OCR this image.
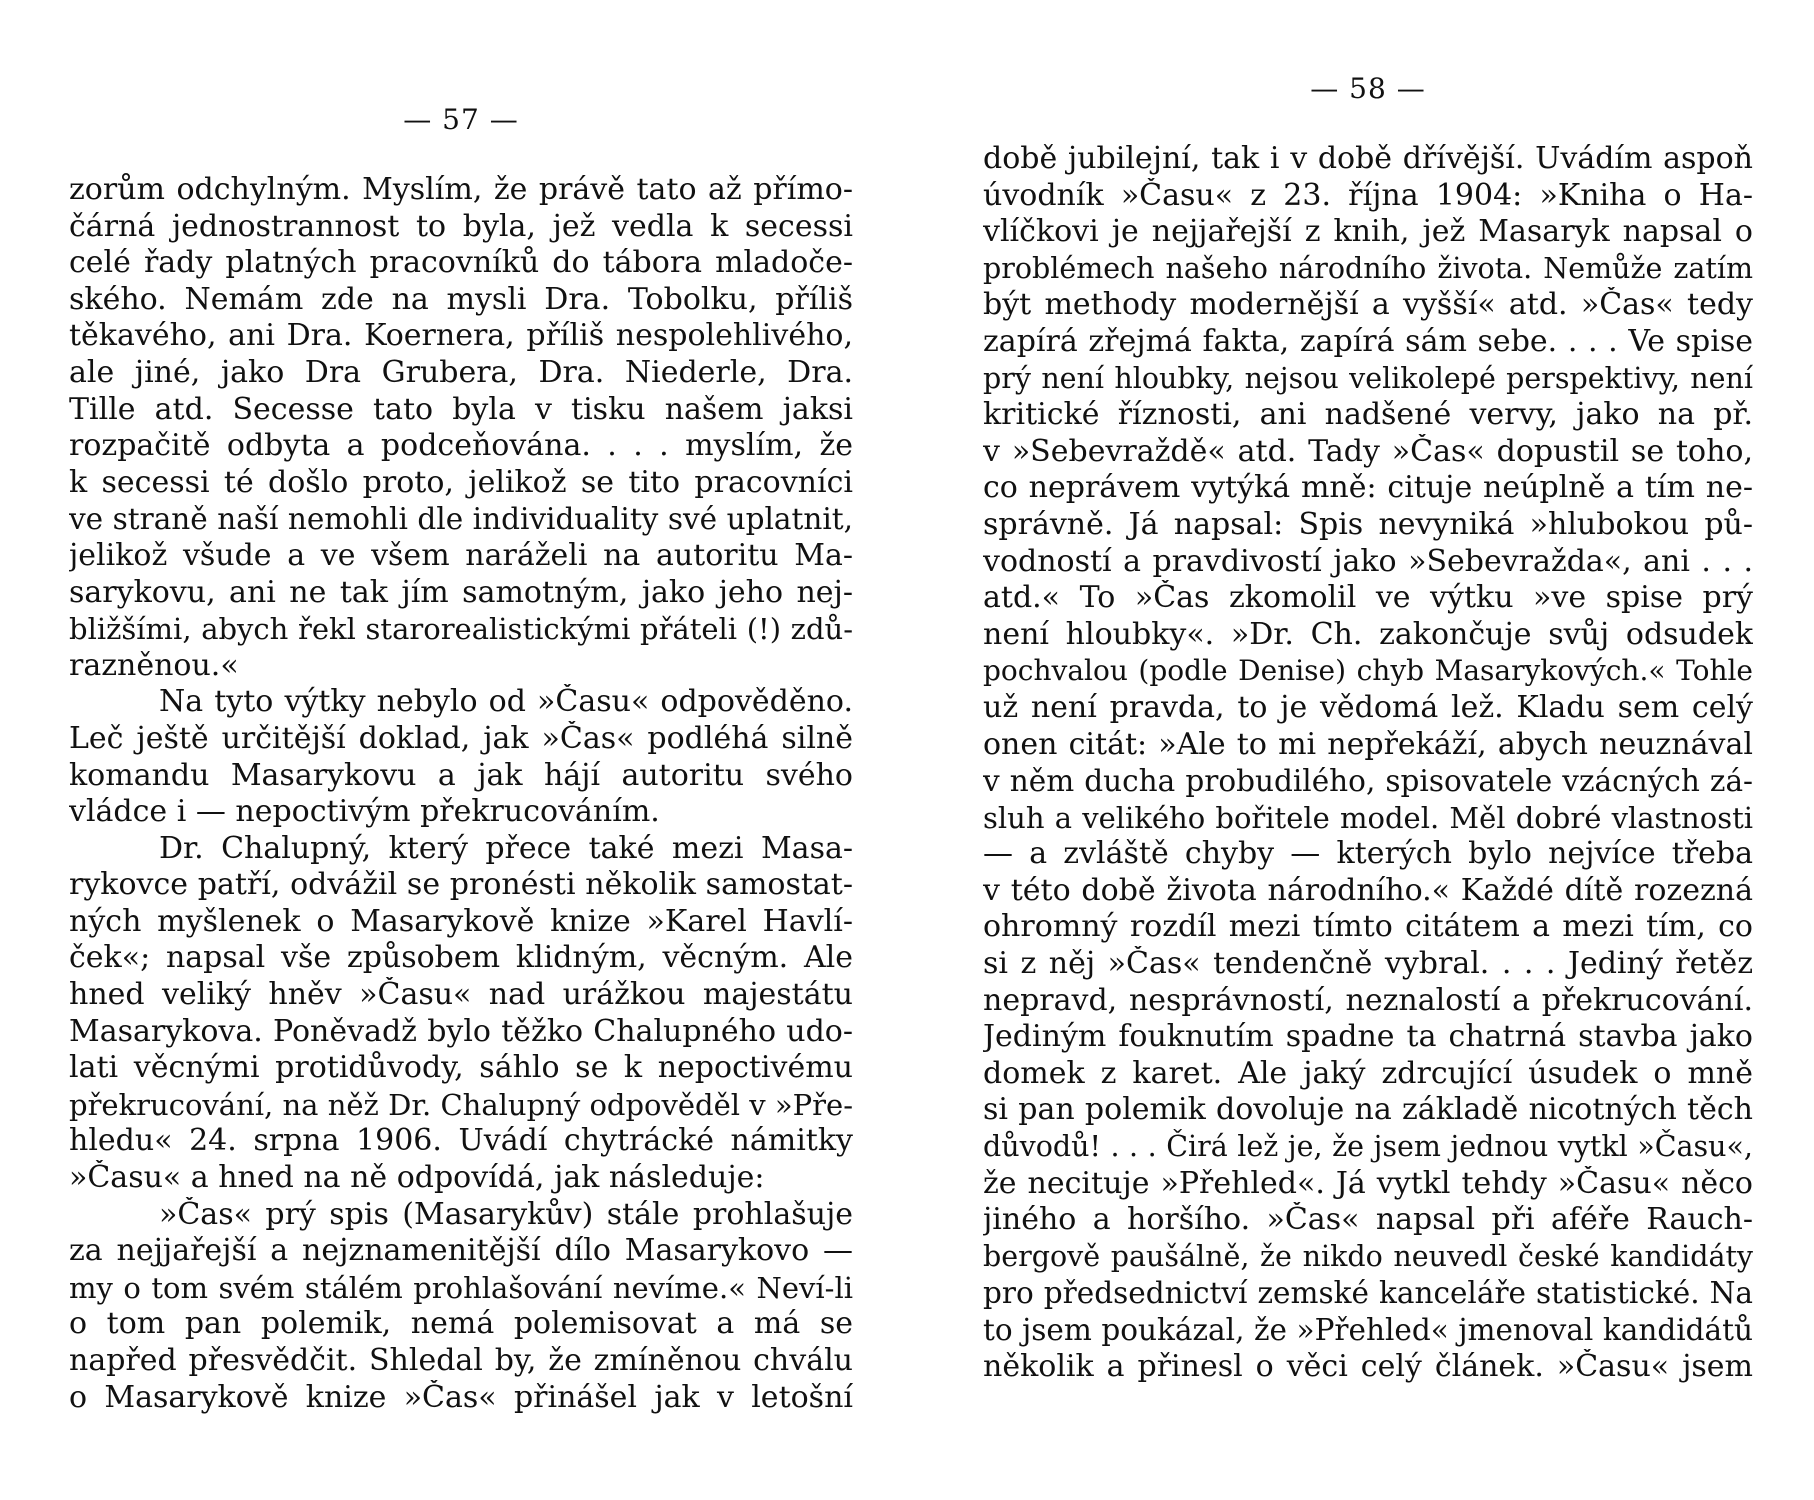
— 57 —
zorům odchylným. Myslím, že právě tato až přímo-
čárná jednostrannost to byla, jež vedla k secessi
celé řady platných pracovníků do tábora mladoče-
ského. Nemám zde na mysli Dra. Tobolku, příliš
těkavého, ani Dra. Koernera, příliš nespolehlivého,
ale jiné, jako Dra Grubera, Dra. Niederle, Dra.
Tille atd. Secesse tato byla v tisku našem jaksi
rozpačitě odbyta a podceňována. . . . myslím, že
k secessi té došlo proto, jelikož se tito pracovníci
ve straně naší nemohli dle individuality své uplatnit,
jelikož všude a ve všem naráželi na autoritu Ma-
sarykovu, ani ne tak jím samotným, jako jeho nej-
bližšími, abych řekl starorealistickými přáteli (!) zdů-
razněnou.«
Na tyto výtky nebylo od »Času« odpověděno.
Leč ještě určitější doklad, jak »Čas« podléhá silně
komandu Masarykovu a jak hájí autoritu svého
vládce i — nepoctivým překrucováním.
Dr. Chalupný, který přece také mezi Masa-
rykovce patří, odvážil se pronésti několik samostat-
ných myšlenek o Masarykově knize »Karel Havlí-
ček«; napsal vše způsobem klidným, věcným. Ale
hned veliký hněv »Času« nad urážkou majestátu
Masarykova. Poněvadž bylo těžko Chalupného udo-
lati věcnými protidůvody, sáhlo se k nepoctivému
překrucování, na něž Dr. Chalupný odpověděl v »Pře-
hledu« 24. srpna 1906. Uvádí chytrácké námitky
»Času« a hned na ně odpovídá, jak následuje:
»Čas« prý spis (Masarykův) stále prohlašuje
za nejjařejší a nejznamenitější dílo Masarykovo —
my o tom svém stálém prohlašování nevíme.« Neví-li
o tom pan polemik, nemá polemisovat a má se
napřed přesvědčit. Shledal by, že zmíněnou chválu
o Masarykově knize »Čas« přinášel jak v letošní
— 58 —
době jubilejní, tak i v době dřívější. Uvádím aspoň
úvodník »Času« z 23. října 1904: »Kniha o Ha-
vlíčkovi je nejjařejší z knih, jež Masaryk napsal o
problémech našeho národního života. Nemůže zatím
být methody modernější a vyšší« atd. »Čas« tedy
zapírá zřejmá fakta, zapírá sám sebe. . . . Ve spise
prý není hloubky, nejsou velikolepé perspektivy, není
kritické říznosti, ani nadšené vervy, jako na př.
v »Sebevraždě« atd. Tady »Čas« dopustil se toho,
co neprávem vytýká mně: cituje neúplně a tím ne-
správně. Já napsal: Spis nevyniká »hlubokou pů-
vodností a pravdivostí jako »Sebevražda«, ani . . .
atd.« To »Čas zkomolil ve výtku »ve spise prý
není hloubky«. »Dr. Ch. zakončuje svůj odsudek
pochvalou (podle Denise) chyb Masarykových.« Tohle
už není pravda, to je vědomá lež. Kladu sem celý
onen citát: »Ale to mi nepřekáží, abych neuznával
v něm ducha probudilého, spisovatele vzácných zá-
sluh a velikého bořitele model. Měl dobré vlastnosti
— a zvláště chyby — kterých bylo nejvíce třeba
v této době života národního.« Každé dítě rozezná
ohromný rozdíl mezi tímto citátem a mezi tím, co
si z něj »Čas« tendenčně vybral. . . . Jediný řetěz
nepravd, nesprávností, neznalostí a překrucování.
Jediným fouknutím spadne ta chatrná stavba jako
domek z karet. Ale jaký zdrcující úsudek o mně
si pan polemik dovoluje na základě nicotných těch
důvodů! . . . Čirá lež je, že jsem jednou vytkl »Času«,
že necituje »Přehled«. Já vytkl tehdy »Času« něco
jiného a horšího. »Čas« napsal při aféře Rauch-
bergově paušálně, že nikdo neuvedl české kandidáty
pro předsednictví zemské kanceláře statistické. Na
to jsem poukázal, že »Přehled« jmenoval kandidátů
několik a přinesl o věci celý článek. »Času« jsem
